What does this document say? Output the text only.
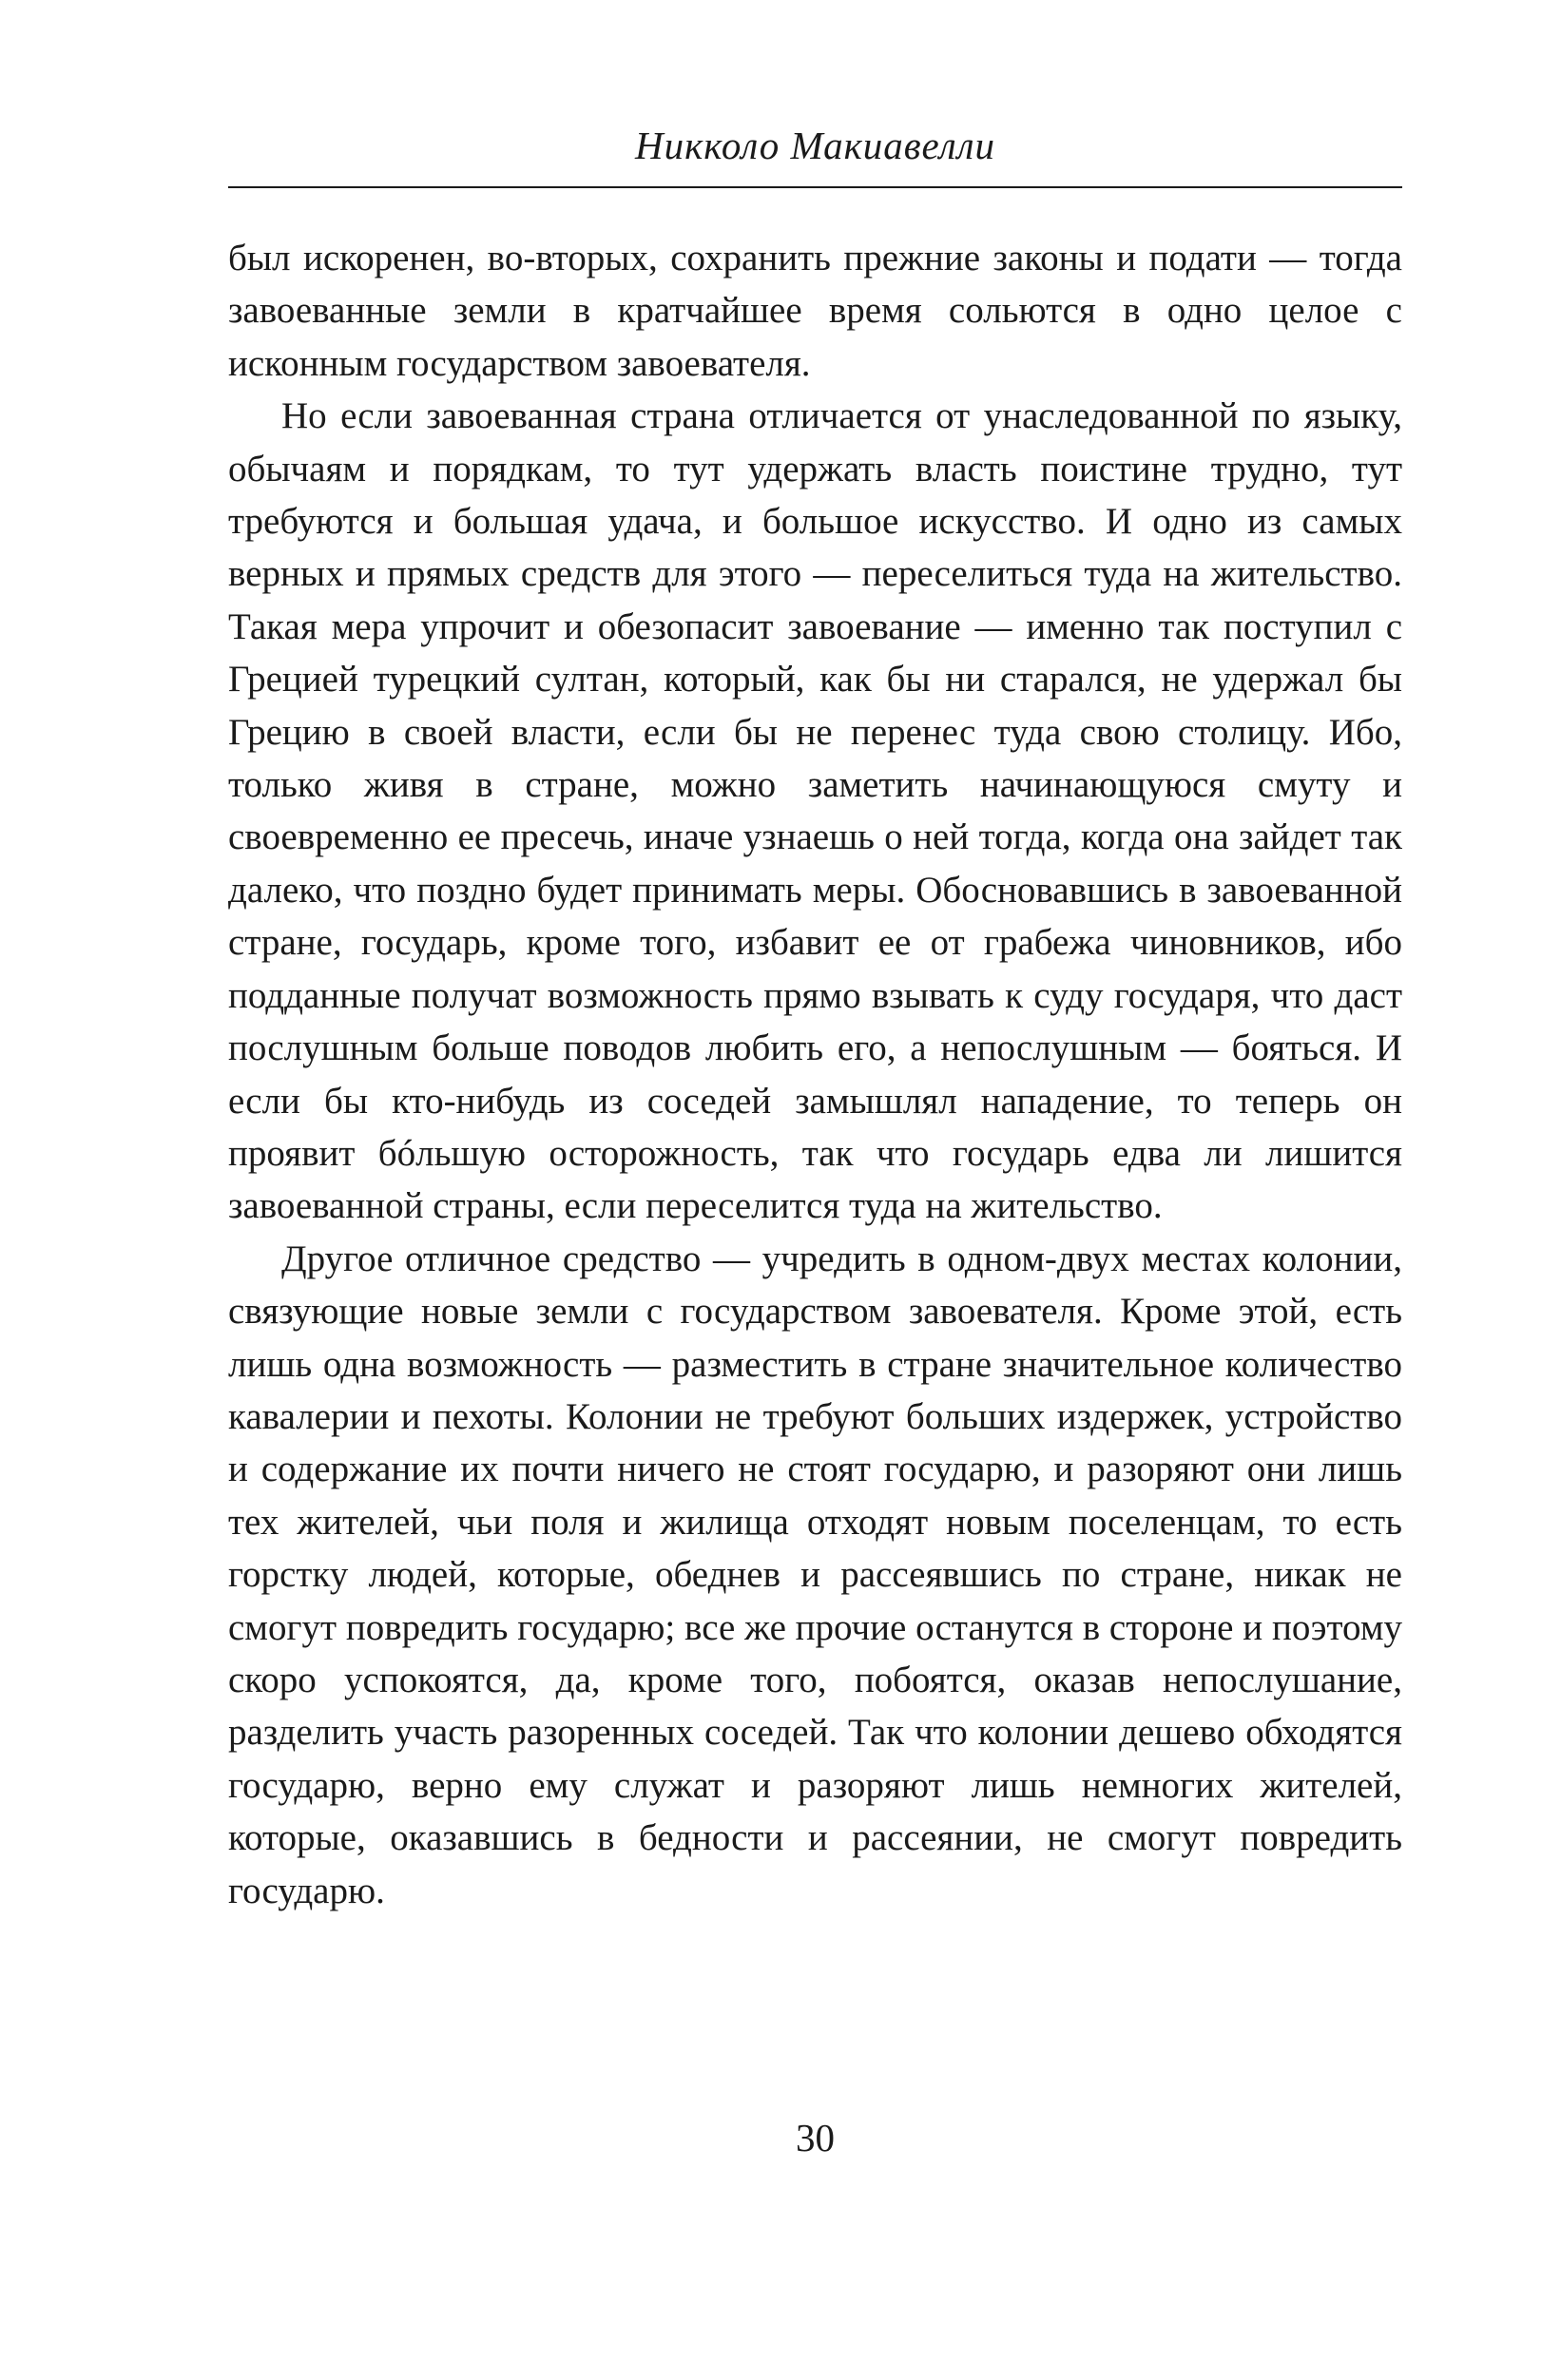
Никколо Макиавелли

был искоренен, во-вторых, сохранить прежние законы и подати — тогда завоеванные земли в кратчайшее время сольются в одно целое с исконным государством завоевателя.

Но если завоеванная страна отличается от унаследованной по языку, обычаям и порядкам, то тут удержать власть поистине трудно, тут требуются и большая удача, и большое искусство. И одно из самых верных и прямых средств для этого — переселиться туда на жительство. Такая мера упрочит и обезопасит завоевание — именно так поступил с Грецией турецкий султан, который, как бы ни старался, не удержал бы Грецию в своей власти, если бы не перенес туда свою столицу. Ибо, только живя в стране, можно заметить начинающуюся смуту и своевременно ее пресечь, иначе узнаешь о ней тогда, когда она зайдет так далеко, что поздно будет принимать меры. Обосновавшись в завоеванной стране, государь, кроме того, избавит ее от грабежа чиновников, ибо подданные получат возможность прямо взывать к суду государя, что даст послушным больше поводов любить его, а непослушным — бояться. И если бы кто-нибудь из соседей замышлял нападение, то теперь он проявит бóльшую осторожность, так что государь едва ли лишится завоеванной страны, если переселится туда на жительство.

Другое отличное средство — учредить в одном-двух местах колонии, связующие новые земли с государством завоевателя. Кроме этой, есть лишь одна возможность — разместить в стране значительное количество кавалерии и пехоты. Колонии не требуют больших издержек, устройство и содержание их почти ничего не стоят государю, и разоряют они лишь тех жителей, чьи поля и жилища отходят новым поселенцам, то есть горстку людей, которые, обеднев и рассеявшись по стране, никак не смогут повредить государю; все же прочие останутся в стороне и поэтому скоро успокоятся, да, кроме того, побоятся, оказав непослушание, разделить участь разоренных соседей. Так что колонии дешево обходятся государю, верно ему служат и разоряют лишь немногих жителей, которые, оказавшись в бедности и рассеянии, не смогут повредить государю.

30
